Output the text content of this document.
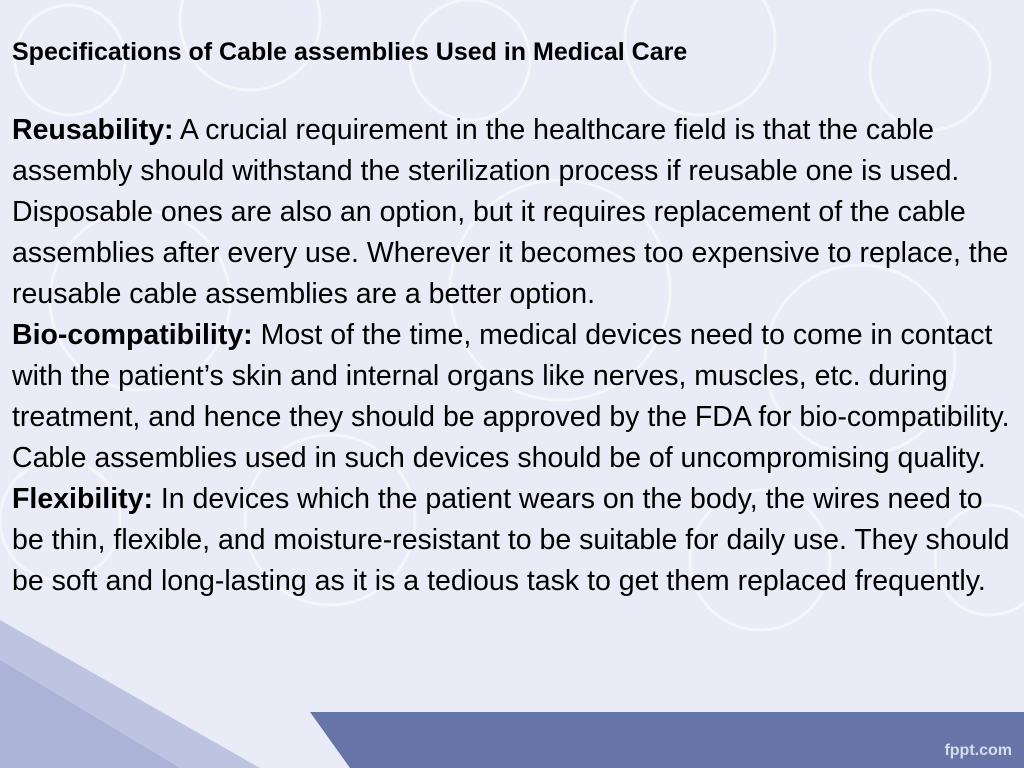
Specifications of Cable assemblies Used in Medical Care

Reusability: A crucial requirement in the healthcare field is that the cable assembly should withstand the sterilization process if reusable one is used. Disposable ones are also an option, but it requires replacement of the cable assemblies after every use. Wherever it becomes too expensive to replace, the reusable cable assemblies are a better option.

Bio-compatibility: Most of the time, medical devices need to come in contact with the patient’s skin and internal organs like nerves, muscles, etc. during treatment, and hence they should be approved by the FDA for bio-compatibility. Cable assemblies used in such devices should be of uncompromising quality.

Flexibility: In devices which the patient wears on the body, the wires need to be thin, flexible, and moisture-resistant to be suitable for daily use. They should be soft and long-lasting as it is a tedious task to get them replaced frequently.

fppt.com
